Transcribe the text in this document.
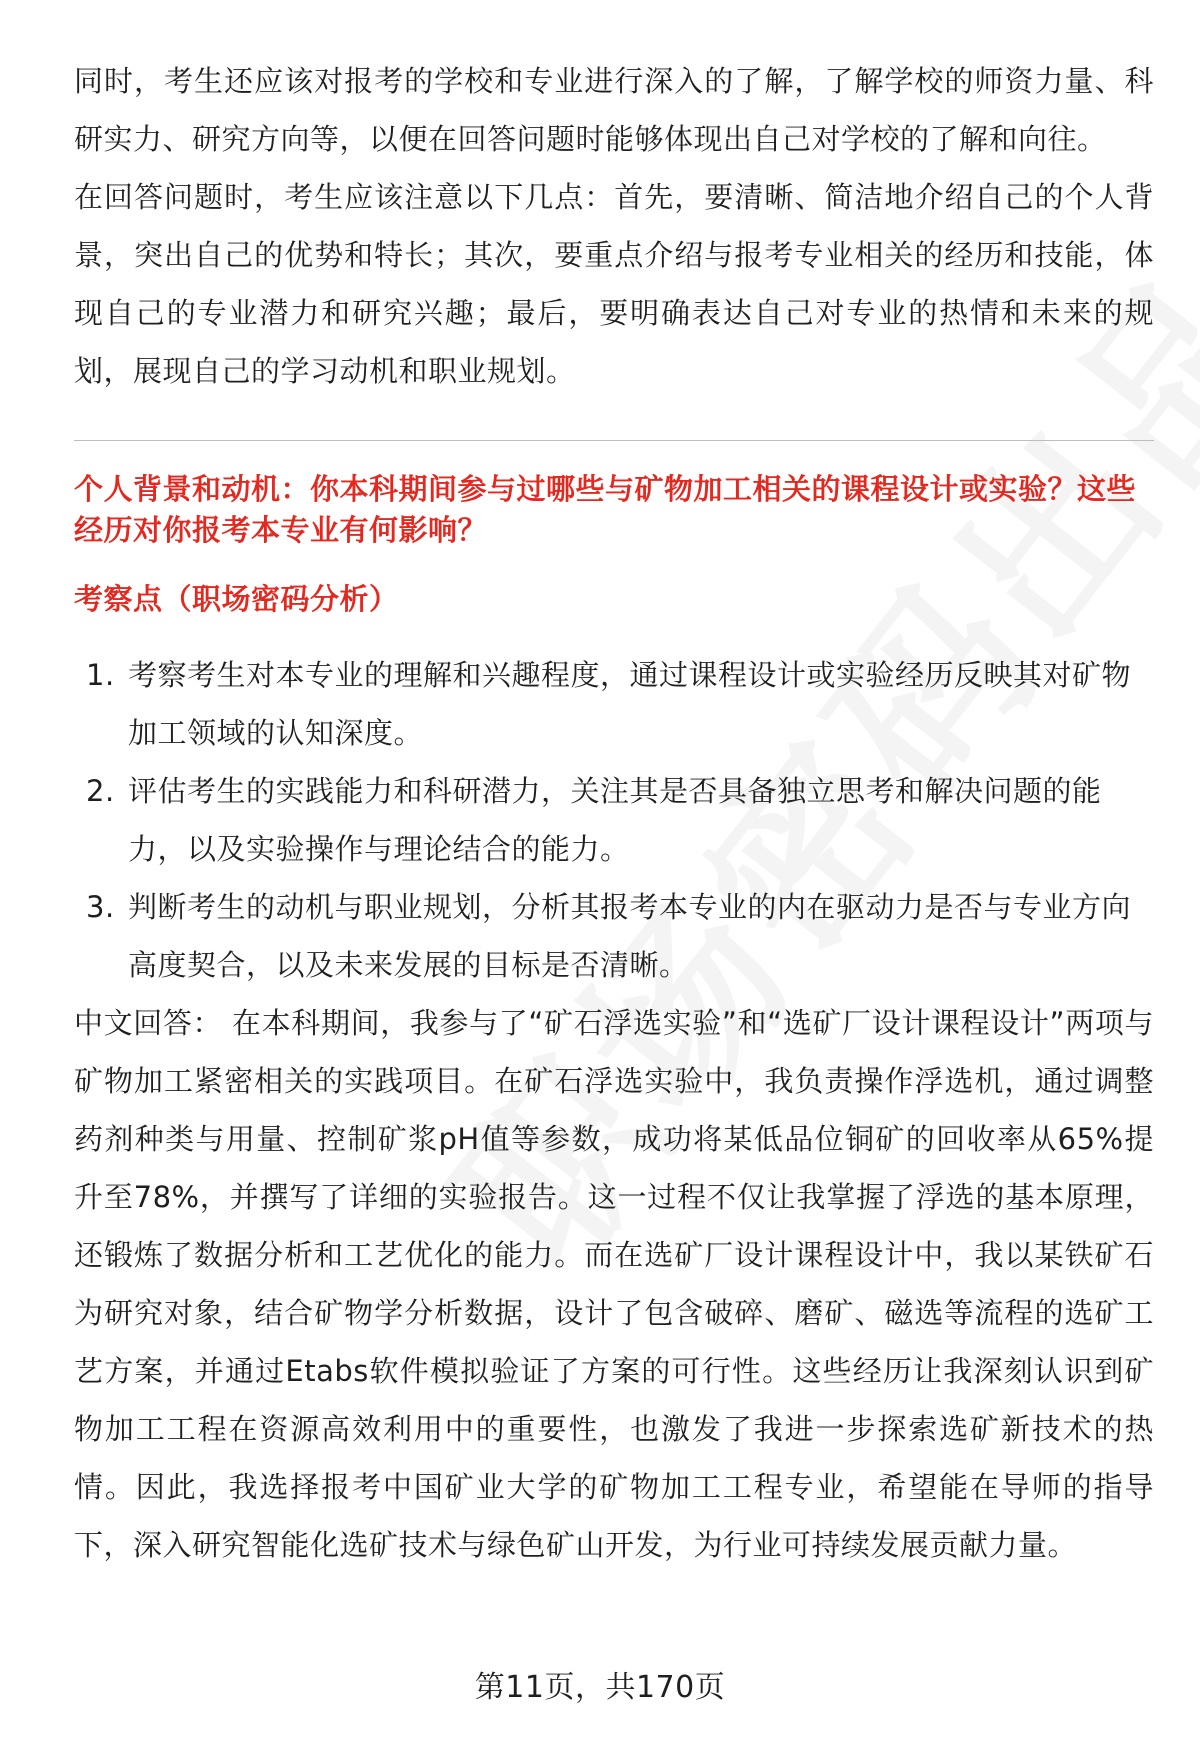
同时，考生还应该对报考的学校和专业进行深入的了解，了解学校的师资力量、科研实力、研究方向等，以便在回答问题时能够体现出自己对学校的了解和向往。

在回答问题时，考生应该注意以下几点：首先，要清晰、简洁地介绍自己的个人背景，突出自己的优势和特长；其次，要重点介绍与报考专业相关的经历和技能，体现自己的专业潜力和研究兴趣；最后，要明确表达自己对专业的热情和未来的规划，展现自己的学习动机和职业规划。

个人背景和动机：你本科期间参与过哪些与矿物加工相关的课程设计或实验？这些经历对你报考本专业有何影响？

考察点（职场密码分析）

1. 考察考生对本专业的理解和兴趣程度，通过课程设计或实验经历反映其对矿物加工领域的认知深度。
2. 评估考生的实践能力和科研潜力，关注其是否具备独立思考和解决问题的能力，以及实验操作与理论结合的能力。
3. 判断考生的动机与职业规划，分析其报考本专业的内在驱动力是否与专业方向高度契合，以及未来发展的目标是否清晰。

中文回答： 在本科期间，我参与了“矿石浮选实验”和“选矿厂设计课程设计”两项与矿物加工紧密相关的实践项目。在矿石浮选实验中，我负责操作浮选机，通过调整药剂种类与用量、控制矿浆pH值等参数，成功将某低品位铜矿的回收率从65%提升至78%，并撰写了详细的实验报告。这一过程不仅让我掌握了浮选的基本原理，还锻炼了数据分析和工艺优化的能力。而在选矿厂设计课程设计中，我以某铁矿石为研究对象，结合矿物学分析数据，设计了包含破碎、磨矿、磁选等流程的选矿工艺方案，并通过Etabs软件模拟验证了方案的可行性。这些经历让我深刻认识到矿物加工工程在资源高效利用中的重要性，也激发了我进一步探索选矿新技术的热情。因此，我选择报考中国矿业大学的矿物加工工程专业，希望能在导师的指导下，深入研究智能化选矿技术与绿色矿山开发，为行业可持续发展贡献力量。

第11页，共170页
